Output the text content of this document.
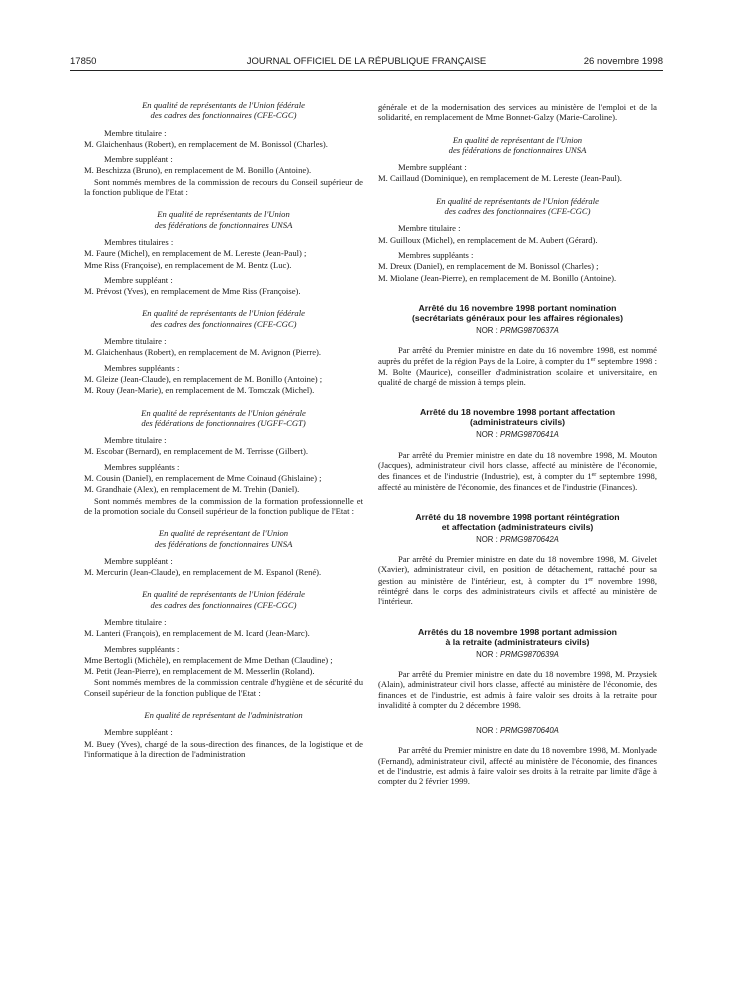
17850	JOURNAL OFFICIEL DE LA RÉPUBLIQUE FRANÇAISE	26 novembre 1998
En qualité de représentants de l'Union fédérale
des cadres des fonctionnaires (CFE-CGC)

Membre titulaire :

M. Glaichenhaus (Robert), en remplacement de M. Bonissol (Charles).

Membre suppléant :

M. Beschizza (Bruno), en remplacement de M. Bonillo (Antoine).

Sont nommés membres de la commission de recours du Conseil supérieur de la fonction publique de l'Etat :

En qualité de représentants de l'Union
des fédérations de fonctionnaires UNSA

Membres titulaires :

M. Faure (Michel), en remplacement de M. Lereste (Jean-Paul) ;

Mme Riss (Françoise), en remplacement de M. Bentz (Luc).

Membre suppléant :

M. Prévost (Yves), en remplacement de Mme Riss (Françoise).

En qualité de représentants de l'Union fédérale
des cadres des fonctionnaires (CFE-CGC)

Membre titulaire :

M. Glaichenhaus (Robert), en remplacement de M. Avignon (Pierre).

Membres suppléants :

M. Gleize (Jean-Claude), en remplacement de M. Bonillo (Antoine) ;

M. Rouy (Jean-Marie), en remplacement de M. Tomczak (Michel).

En qualité de représentants de l'Union générale
des fédérations de fonctionnaires (UGFF-CGT)

Membre titulaire :

M. Escobar (Bernard), en remplacement de M. Terrisse (Gilbert).

Membres suppléants :

M. Cousin (Daniel), en remplacement de Mme Coinaud (Ghislaine) ;

M. Grandhaie (Alex), en remplacement de M. Trehin (Daniel).

Sont nommés membres de la commission de la formation professionnelle et de la promotion sociale du Conseil supérieur de la fonction publique de l'Etat :

En qualité de représentant de l'Union
des fédérations de fonctionnaires UNSA

Membre suppléant :

M. Mercurin (Jean-Claude), en remplacement de M. Espanol (René).

En qualité de représentants de l'Union fédérale
des cadres des fonctionnaires (CFE-CGC)

Membre titulaire :

M. Lanteri (François), en remplacement de M. Icard (Jean-Marc).

Membres suppléants :

Mme Bertogli (Michèle), en remplacement de Mme Dethan (Claudine) ;

M. Petit (Jean-Pierre), en remplacement de M. Messerlin (Roland).

Sont nommés membres de la commission centrale d'hygiène et de sécurité du Conseil supérieur de la fonction publique de l'Etat :

En qualité de représentant de l'administration

Membre suppléant :

M. Buey (Yves), chargé de la sous-direction des finances, de la logistique et de l'informatique à la direction de l'administration

générale et de la modernisation des services au ministère de l'emploi et de la solidarité, en remplacement de Mme Bonnet-Galzy (Marie-Caroline).

En qualité de représentant de l'Union
des fédérations de fonctionnaires UNSA

Membre suppléant :

M. Caillaud (Dominique), en remplacement de M. Lereste (Jean-Paul).

En qualité de représentants de l'Union fédérale
des cadres des fonctionnaires (CFE-CGC)

Membre titulaire :

M. Guilloux (Michel), en remplacement de M. Aubert (Gérard).

Membres suppléants :

M. Dreux (Daniel), en remplacement de M. Bonissol (Charles) ;

M. Miolane (Jean-Pierre), en remplacement de M. Bonillo (Antoine).

Arrêté du 16 novembre 1998 portant nomination
(secrétariats généraux pour les affaires régionales)
NOR : PRMG9870637A

Par arrêté du Premier ministre en date du 16 novembre 1998, est nommé auprès du préfet de la région Pays de la Loire, à compter du 1er septembre 1998 : M. Bolte (Maurice), conseiller d'administration scolaire et universitaire, en qualité de chargé de mission à temps plein.

Arrêté du 18 novembre 1998 portant affectation
(administrateurs civils)
NOR : PRMG9870641A

Par arrêté du Premier ministre en date du 18 novembre 1998, M. Mouton (Jacques), administrateur civil hors classe, affecté au ministère de l'économie, des finances et de l'industrie (Industrie), est, à compter du 1er septembre 1998, affecté au ministère de l'économie, des finances et de l'industrie (Finances).

Arrêté du 18 novembre 1998 portant réintégration
et affectation (administrateurs civils)
NOR : PRMG9870642A

Par arrêté du Premier ministre en date du 18 novembre 1998, M. Givelet (Xavier), administrateur civil, en position de détachement, rattaché pour sa gestion au ministère de l'intérieur, est, à compter du 1er novembre 1998, réintégré dans le corps des administrateurs civils et affecté au ministère de l'intérieur.

Arrêtés du 18 novembre 1998 portant admission
à la retraite (administrateurs civils)
NOR : PRMG9870639A

Par arrêté du Premier ministre en date du 18 novembre 1998, M. Przysiek (Alain), administrateur civil hors classe, affecté au ministère de l'économie, des finances et de l'industrie, est admis à faire valoir ses droits à la retraite pour invalidité à compter du 2 décembre 1998.

NOR : PRMG9870640A

Par arrêté du Premier ministre en date du 18 novembre 1998, M. Monlyade (Fernand), administrateur civil, affecté au ministère de l'économie, des finances et de l'industrie, est admis à faire valoir ses droits à la retraite par limite d'âge à compter du 2 février 1999.
